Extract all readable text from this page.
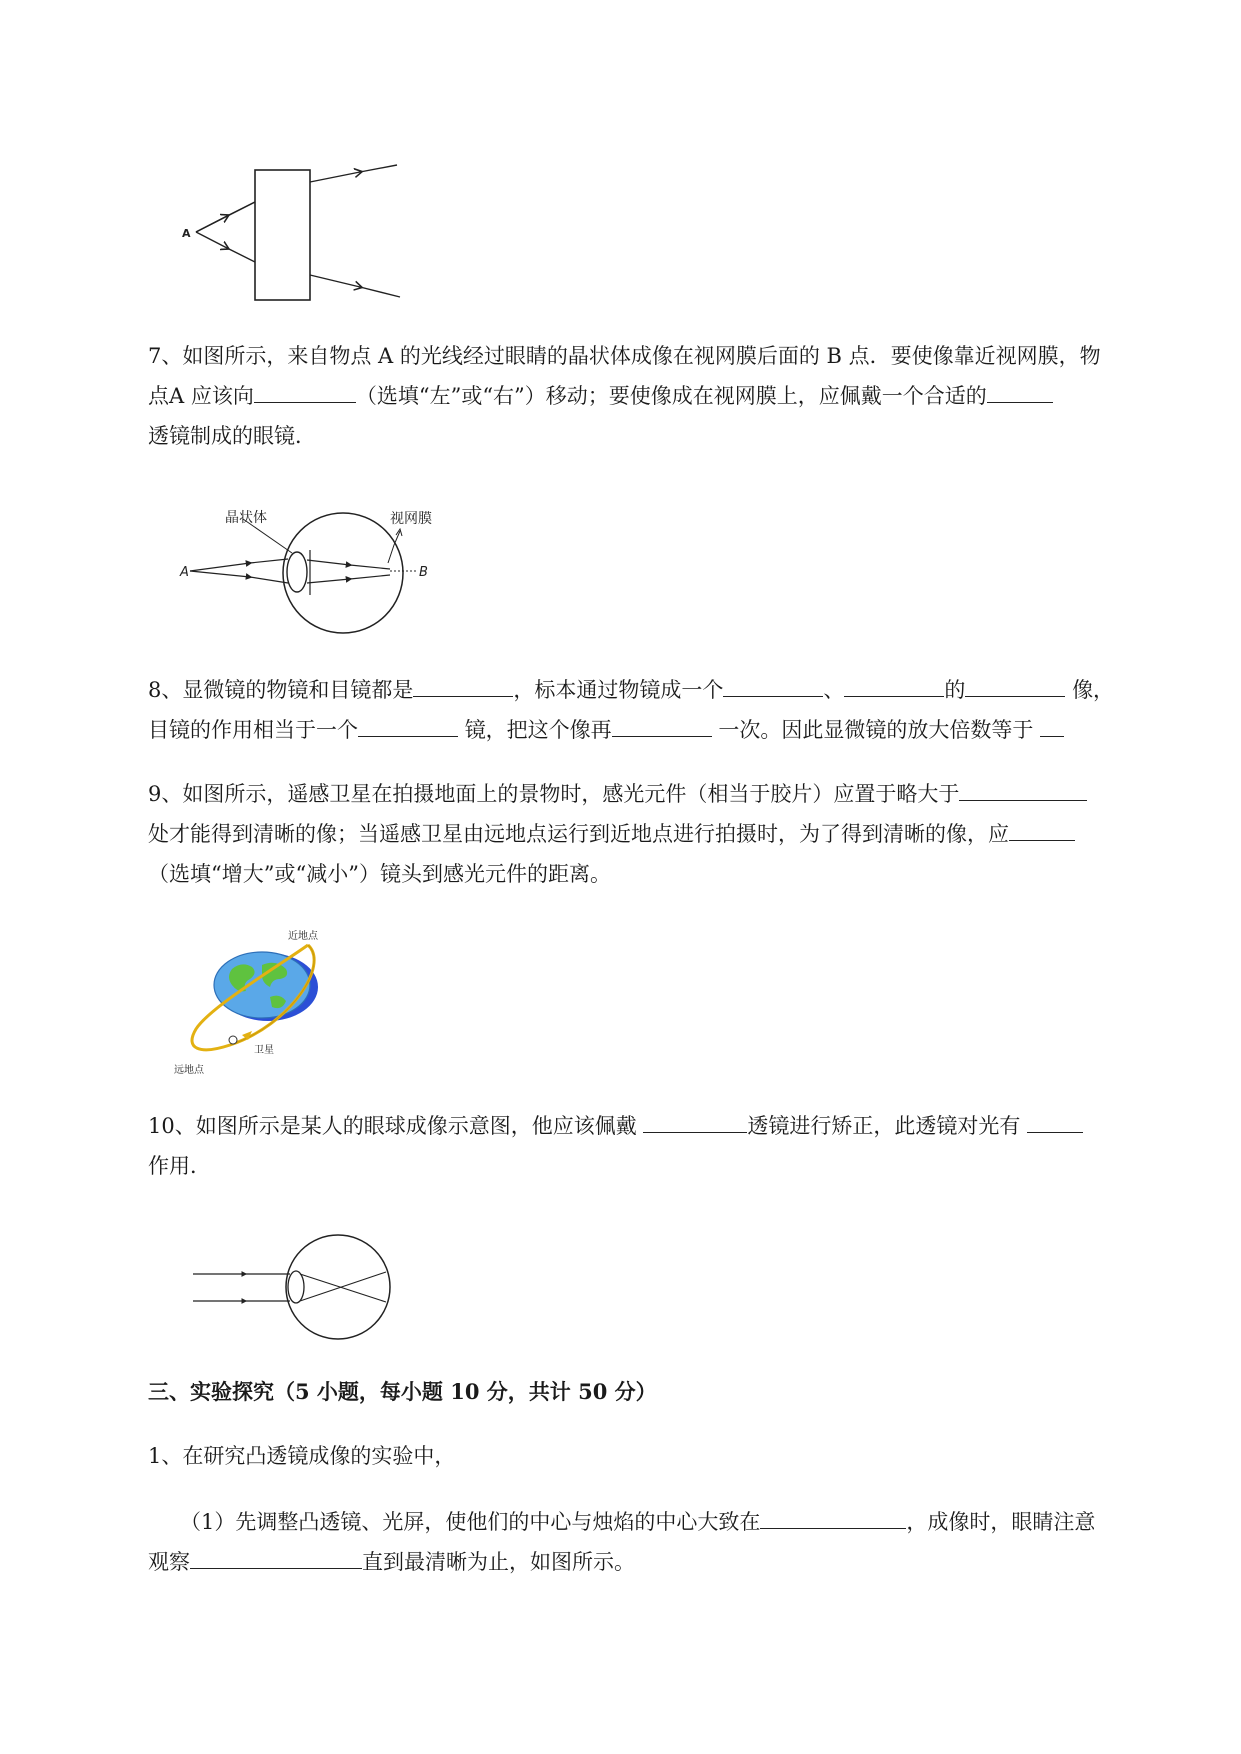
A

7、如图所示，来自物点 A 的光线经过眼睛的晶状体成像在视网膜后面的 B 点．要使像靠近视网膜，物

点A 应该向	（选填“左”或“右”）移动；要使像成在视网膜上，应佩戴一个合适的

透镜制成的眼镜．

晶状体	视网膜
A	B

8、显微镜的物镜和目镜都是	，标本通过物镜成一个	、	的	像，

目镜的作用相当于一个	镜，把这个像再	一次。因此显微镜的放大倍数等于

9、如图所示，遥感卫星在拍摄地面上的景物时，感光元件（相当于胶片）应置于略大于

处才能得到清晰的像；当遥感卫星由远地点运行到近地点进行拍摄时，为了得到清晰的像，应

（选填“增大”或“减小”）镜头到感光元件的距离。

近地点
卫星
远地点

10、如图所示是某人的眼球成像示意图，他应该佩戴	透镜进行矫正，此透镜对光有

作用．

三、实验探究（5 小题，每小题 10 分，共计 50 分）

1、在研究凸透镜成像的实验中，

（1）先调整凸透镜、光屏，使他们的中心与烛焰的中心大致在	，成像时，眼睛注意

观察	直到最清晰为止，如图所示。
